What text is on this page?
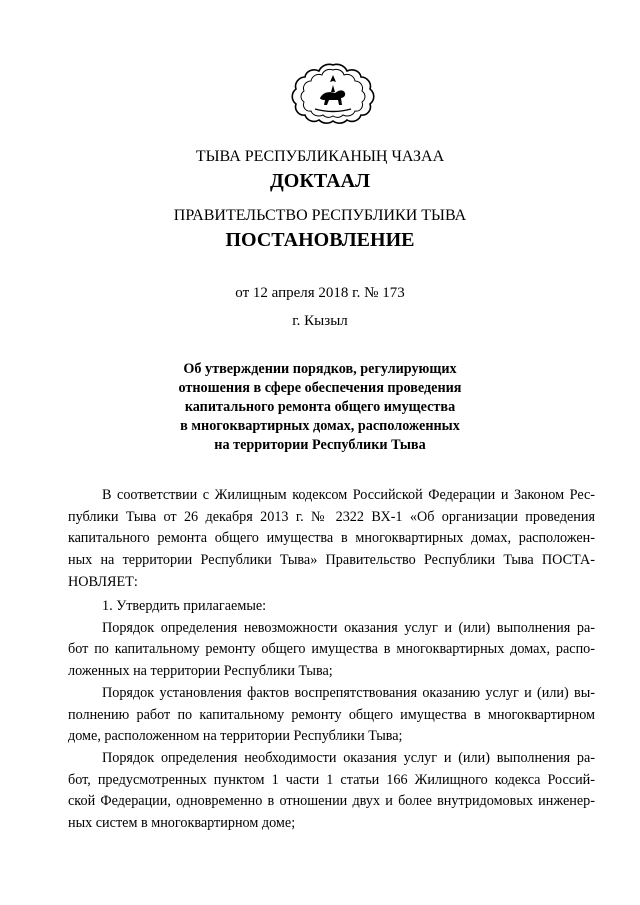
ТЫВА РЕСПУБЛИКАНЫҢ ЧАЗАА
ДОКТААЛ
ПРАВИТЕЛЬСТВО РЕСПУБЛИКИ ТЫВА
ПОСТАНОВЛЕНИЕ
от 12 апреля 2018 г. № 173
г. Кызыл
Об утверждении порядков, регулирующих
отношения в сфере обеспечения проведения
капитального ремонта общего имущества
в многоквартирных домах, расположенных
на территории Республики Тыва
В соответствии с Жилищным кодексом Российской Федерации и Законом Рес-
публики Тыва от 26 декабря 2013 г. № 2322 ВХ-1 «Об организации проведения
капитального ремонта общего имущества в многоквартирных домах, расположен-
ных на территории Республики Тыва» Правительство Республики Тыва ПОСТА-
НОВЛЯЕТ:
1. Утвердить прилагаемые:
Порядок определения невозможности оказания услуг и (или) выполнения ра-
бот по капитальному ремонту общего имущества в многоквартирных домах, распо-
ложенных на территории Республики Тыва;
Порядок установления фактов воспрепятствования оказанию услуг и (или) вы-
полнению работ по капитальному ремонту общего имущества в многоквартирном
доме, расположенном на территории Республики Тыва;
Порядок определения необходимости оказания услуг и (или) выполнения ра-
бот, предусмотренных пунктом 1 части 1 статьи 166 Жилищного кодекса Россий-
ской Федерации, одновременно в отношении двух и более внутридомовых инженер-
ных систем в многоквартирном доме;
